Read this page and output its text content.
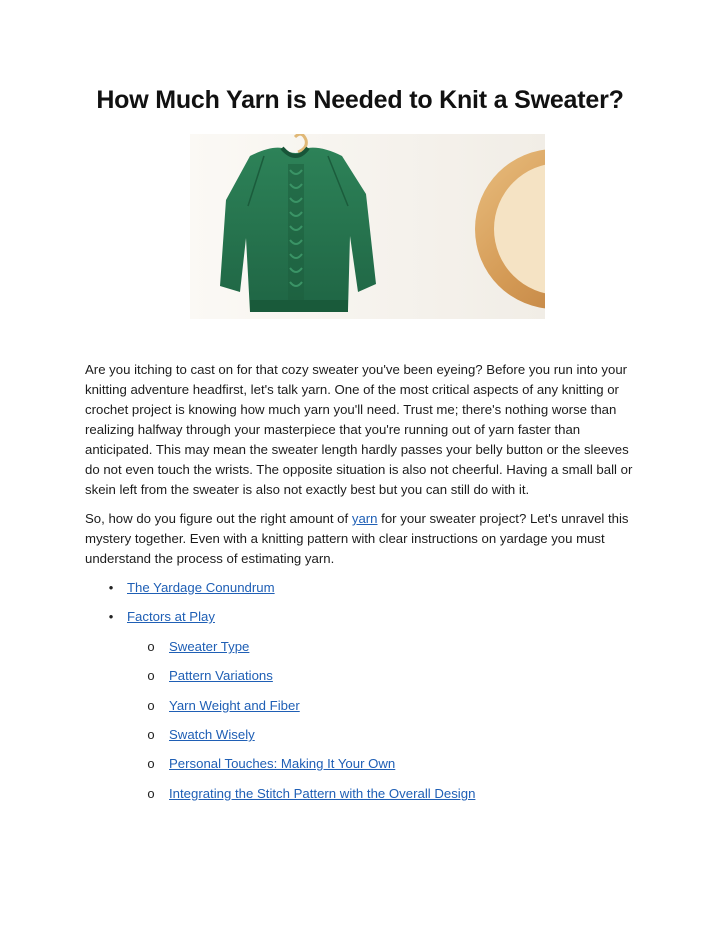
How Much Yarn is Needed to Knit a Sweater?

Are you itching to cast on for that cozy sweater you've been eyeing? Before you run into your knitting adventure headfirst, let's talk yarn. One of the most critical aspects of any knitting or crochet project is knowing how much yarn you'll need. Trust me; there's nothing worse than realizing halfway through your masterpiece that you're running out of yarn faster than anticipated. This may mean the sweater length hardly passes your belly button or the sleeves do not even touch the wrists. The opposite situation is also not cheerful. Having a small ball or skein left from the sweater is also not exactly best but you can still do with it.

So, how do you figure out the right amount of yarn for your sweater project? Let's unravel this mystery together. Even with a knitting pattern with clear instructions on yardage you must understand the process of estimating yarn.

• The Yardage Conundrum
• Factors at Play
o Sweater Type
o Pattern Variations
o Yarn Weight and Fiber
o Swatch Wisely
o Personal Touches: Making It Your Own
o Integrating the Stitch Pattern with the Overall Design
